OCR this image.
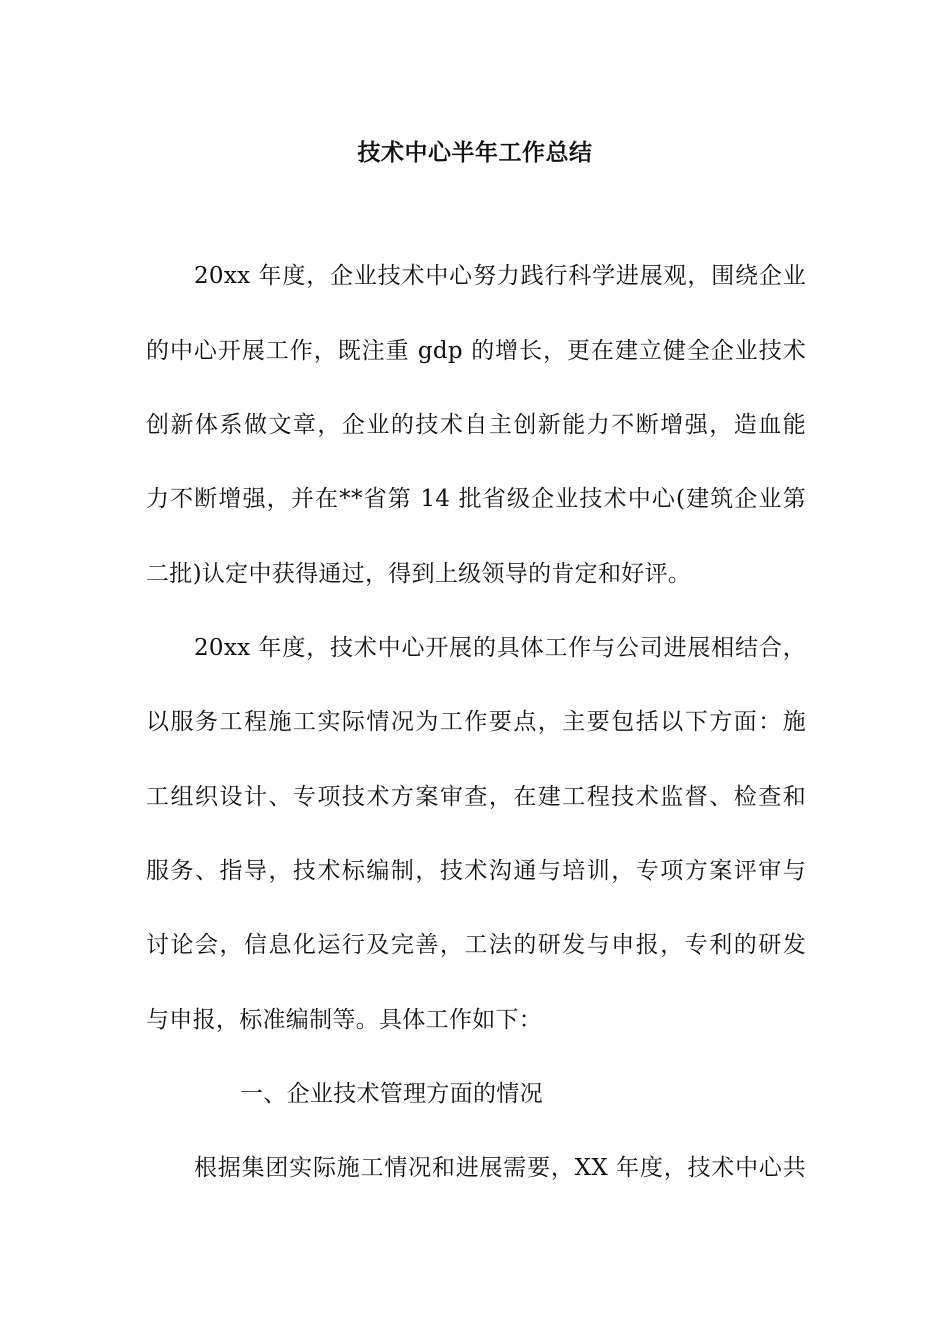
技术中心半年工作总结
20xx 年度，企业技术中心努力践行科学进展观，围绕企业
的中心开展工作，既注重 gdp 的增长，更在建立健全企业技术
创新体系做文章，企业的技术自主创新能力不断增强，造血能
力不断增强，并在**省第 14 批省级企业技术中心(建筑企业第
二批)认定中获得通过，得到上级领导的肯定和好评。
20xx 年度，技术中心开展的具体工作与公司进展相结合，
以服务工程施工实际情况为工作要点，主要包括以下方面：施
工组织设计、专项技术方案审查，在建工程技术监督、检查和
服务、指导，技术标编制，技术沟通与培训，专项方案评审与
讨论会，信息化运行及完善，工法的研发与申报，专利的研发
与申报，标准编制等。具体工作如下：
一、企业技术管理方面的情况
根据集团实际施工情况和进展需要，XX 年度，技术中心共
